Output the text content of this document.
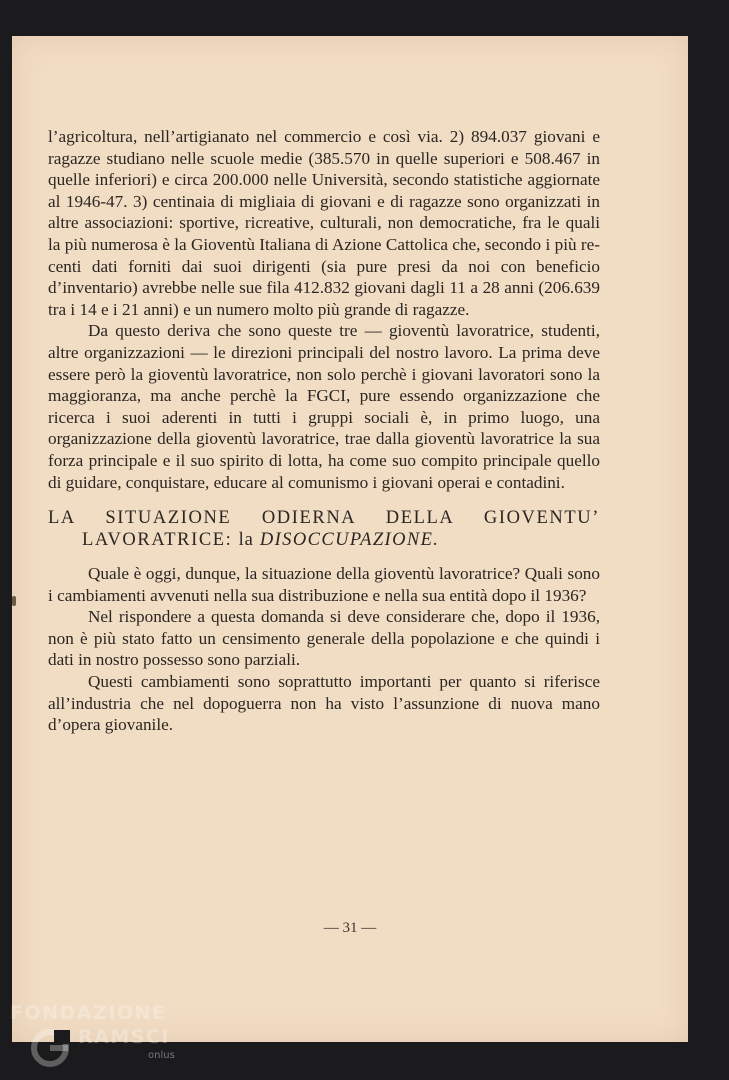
l’agricoltura, nell’artigianato nel commercio e così via. 2) 894.037 giovani e ragazze studiano nelle scuole medie (385.570 in quelle superiori e 508.467 in quelle inferiori) e circa 200.000 nelle Università, secondo statistiche aggiornate al 1946-47. 3) centinaia di migliaia di giovani e di ragazze sono organizzati in altre associazioni: sportive, ricreative, culturali, non democratiche, fra le quali la più numerosa è la Gioventù Italiana di Azione Cattolica che, secondo i più recenti dati forniti dai suoi dirigenti (sia pure presi da noi con beneficio d’inventario) avrebbe nelle sue fila 412.832 giovani dagli 11 a 28 anni (206.639 tra i 14 e i 21 anni) e un numero molto più grande di ragazze.

Da questo deriva che sono queste tre — gioventù lavoratrice, studenti, altre organizzazioni — le direzioni principali del nostro lavoro. La prima deve essere però la gioventù lavoratrice, non solo perchè i giovani lavoratori sono la maggioranza, ma anche perchè la FGCI, pure essendo organizzazione che ricerca i suoi aderenti in tutti i gruppi sociali è, in primo luogo, una organizzazione della gioventù lavoratrice, trae dalla gioventù lavoratrice la sua forza principale e il suo spirito di lotta, ha come suo compito principale quello di guidare, conquistare, educare al comunismo i giovani operai e contadini.

LA SITUAZIONE ODIERNA DELLA GIOVENTU’ LAVORATRICE: la DISOCCUPAZIONE.

Quale è oggi, dunque, la situazione della gioventù lavoratrice? Quali sono i cambiamenti avvenuti nella sua distribuzione e nella sua entità dopo il 1936?

Nel rispondere a questa domanda si deve considerare che, dopo il 1936, non è più stato fatto un censimento generale della popolazione e che quindi i dati in nostro possesso sono parziali.

Questi cambiamenti sono soprattutto importanti per quanto si riferisce all’industria che nel dopoguerra non ha visto l’assunzione di nuova mano d’opera giovanile.

— 31 —
FONDAZIONE
RAMSCI
onlus
